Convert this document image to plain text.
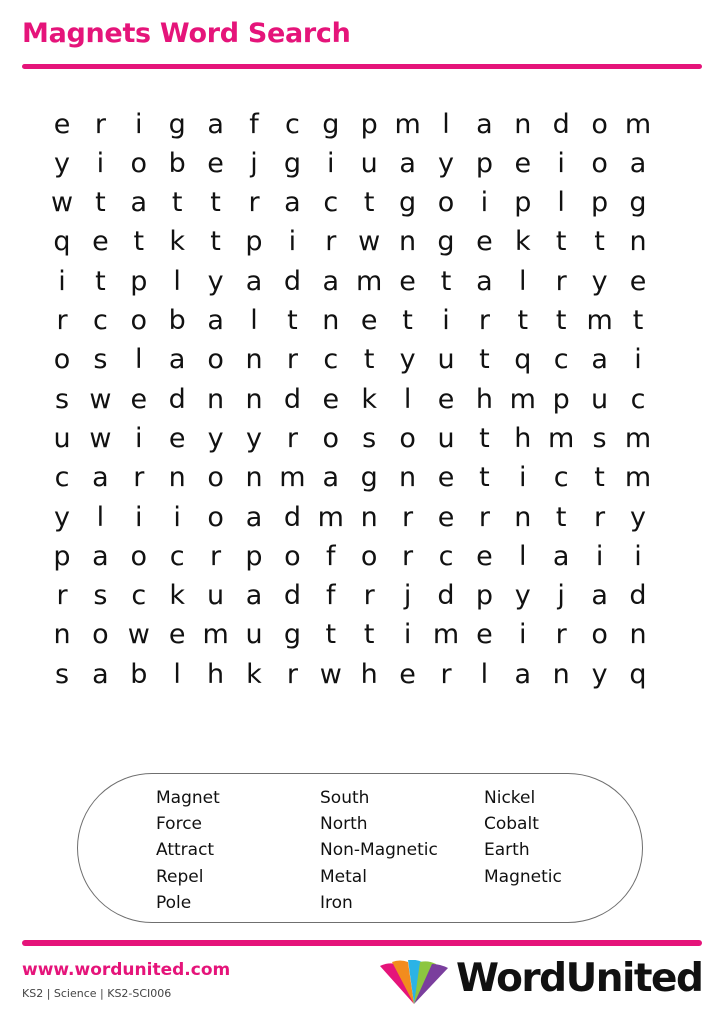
Magnets Word Search
e r	i g a f c g p m l a n d o m
y i o b e j g i u a y p e i o a
w t a t	t	r a c t g o i p l p g
q e t k t p i	r w n g e k t	t n
i	t p l y a d a m e t a l	r y e
r c o b a l	t n e t	i	r	t	t m t
o s	l a o n r c t y u t q c a i
s w e d n n d e k l e h m p u c
u w i e y y r o s o u t h m s m
c a r n o n m a g n e t	i	c t m
y l	i	i o a d m n r e r n t	r y
p a o c r p o f o r c e l a i	i
r s c k u a d f	r	j d p y j a d
n o w e m u g t	t	i m e i	r o n
s a b l h k r w h e r	l a n y q
Magnet
Force
Attract
Repel
Pole
South
North
Non-Magnetic
Metal
Iron
Nickel
Cobalt
Earth
Magnetic
www.wordunited.com
KS2 | Science | KS2-SCI006	WordUnited
